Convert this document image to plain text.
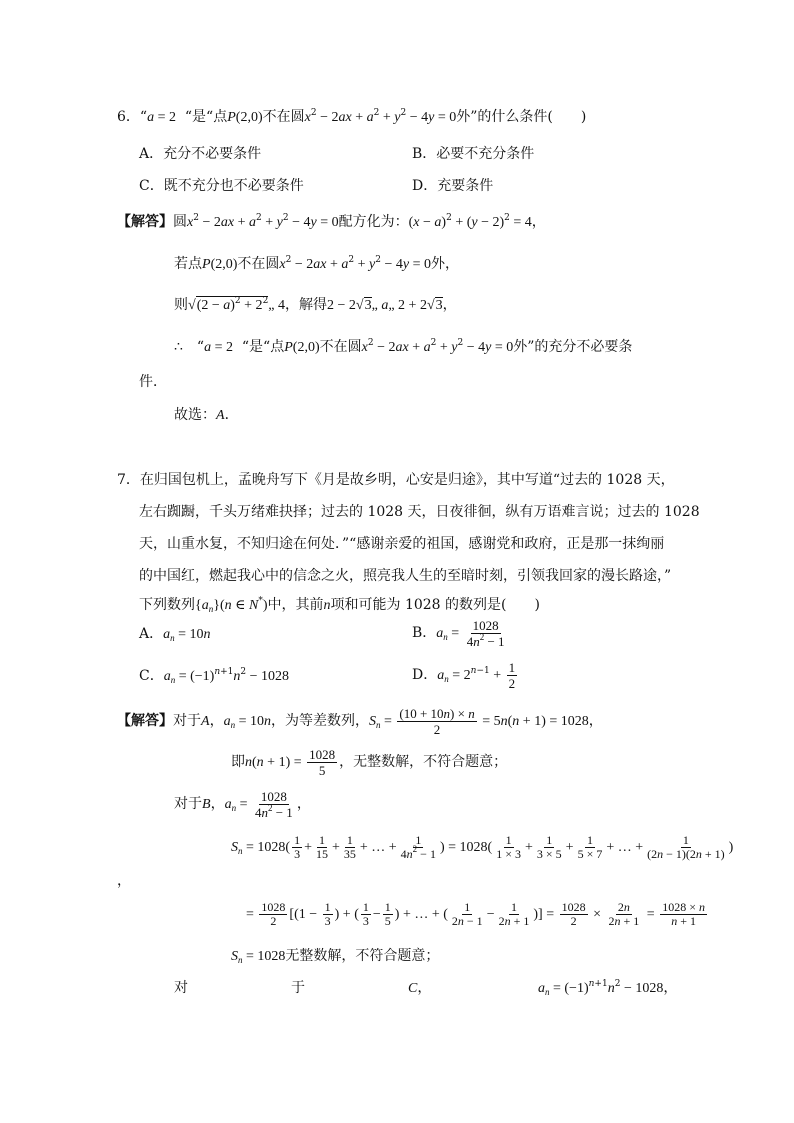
6．“a = 2 “是“点P(2,0)不在圆$x^2 - 2ax + a^2 + y^2 - 4y = 0$外”的什么条件(　　)
A．充分不必要条件	B．必要不充分条件
C．既不充分也不必要条件	D．充要条件
【解答】圆$x^2 - 2ax + a^2 + y^2 - 4y = 0$配方化为：$(x - a)^2 + (y - 2)^2 = 4$，
若点P(2,0)不在圆$x^2 - 2ax + a^2 + y^2 - 4y = 0$外，
则$√(2 - a)^2$ + $2^2„$ 4，解得2 − 2√3„ a„ 2 + 2√3，
∴　“a = 2 “是“点P(2,0)不在圆$x^2 - 2ax + a^2 + y^2 - 4y = 0$外”的充分不必要条
件．
故选：A．
7．在归国包机上，孟晚舟写下《月是故乡明，心安是归途》，其中写道“过去的 1028 天，
左右踟蹰，千头万绪难抉择；过去的 1028 天，日夜徘徊，纵有万语难言说；过去的 1028
天，山重水复，不知归途在何处．”“感谢亲爱的祖国，感谢党和政府，正是那一抹绚丽
的中国红，燃起我心中的信念之火，照亮我人生的至暗时刻，引领我回家的漫长路途，”
下列数列$\{a_n\}(n$ ∈ N*)中，其前n项和可能为 1028 的数列是(　　)
A．$a_n = 10n$	B．$a_n = \frac{1028}{4n^2 - 1}$
C．$a_n = (-1)^{n+1}n^2 - 1028$	D．$a_n = 2^{n-1} + \frac{1}{2}$
【解答】对于A，$a_n = 10n$，为等差数列，$S_n = \frac{(10 + 10n) \times n}{2} = 5n(n + 1) = 1028$，
即$n(n + 1) = \frac{1028}{5}$ ，无整数解，不符合题意；
对于B，$a_n = \frac{1028}{4n^2 - 1}$ ，
$S_n = 1028( \frac{1}{3} + \frac{1}{15} + \frac{1}{35}$ + … + $\frac{1}{4n^2 - 1}$ ) = $1028( \frac{1}{1 \times 3} + \frac{1}{3 \times 5} + \frac{1}{5 \times 7}$ + … + $\frac{1}{(2n - 1)(2n + 1)}$ )
，
= $\frac{1028}{2} [(1 - \frac{1}{3}$ ) + ( $\frac{1}{3} - \frac{1}{5}$ ) + … + ( $\frac{1}{2n - 1} - \frac{1}{2n + 1}$ )] = $\frac{1028}{2} \times \frac{2n}{2n + 1} = \frac{1028 \times n}{n + 1}$
$S_n = 1028$无整数解，不符合题意；
对	于	C，	$a_n = (-1)^{n+1}n^2 - 1028$，
